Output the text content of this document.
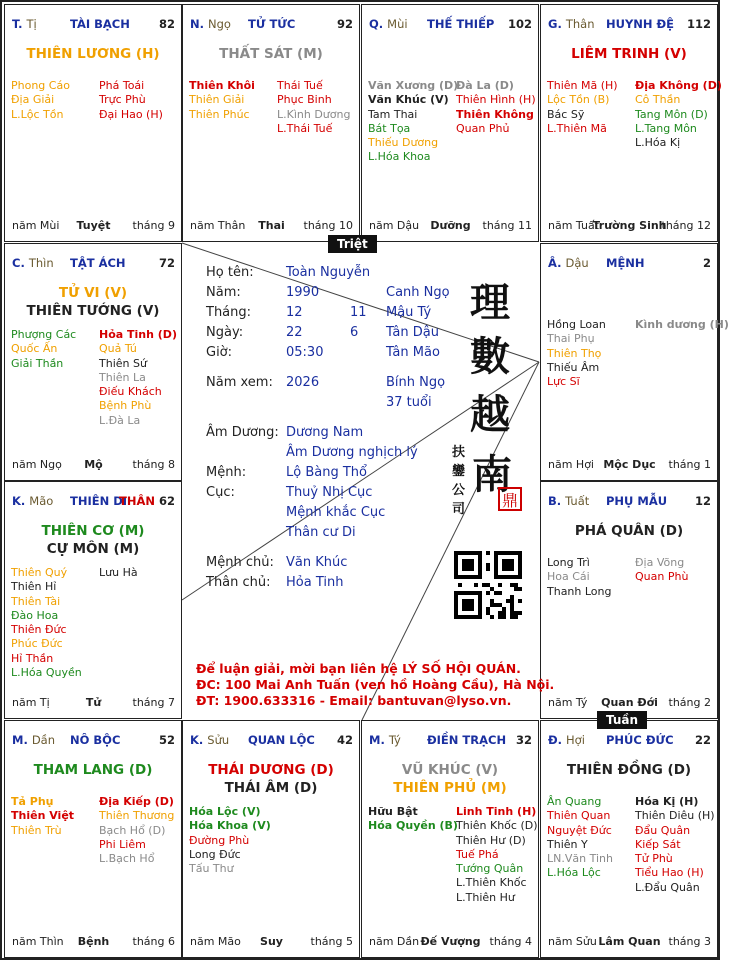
T. Tị	TÀI BẠCH	82
THIÊN LƯƠNG (H)
Phong Cáo
Địa Giải
L.Lộc Tồn
Phá Toái
Trực Phù
Đại Hao (H)
năm Mùi	Tuyệt	tháng 9
N. Ngọ TỬ TỨC	92
THẤT SÁT (M)
Thiên Khôi
Thiên Giải
Thiên Phúc
Thái Tuế
Phục Binh
L.Kình Dương
L.Thái Tuế
năm Thân	Thai	tháng 10
Q. Mùi THẾ THIẾP 102
Văn Xương (D)
Văn Khúc (V)
Tam Thai
Bát Tọa
Thiếu Dương
L.Hóa Khoa
Đà La (D)
Thiên Hình (H)
Thiên Không
Quan Phủ
năm Dậu	Dưỡng	tháng 11
G. Thân HUYNH ĐỆ 112
LIÊM TRINH (V)
Thiên Mã (H)
Lộc Tồn (B)
Bác Sỹ
L.Thiên Mã
Địa Không (D)
Cô Thần
Tang Môn (D)
L.Tang Môn
L.Hóa Kị
năm Tuất
Trường Sinh
tháng 12
C. Thìn TẬT ÁCH	72
TỬ VI (V)
THIÊN TƯỚNG (V)
Phượng Các
Quốc Ấn
Giải Thần
Hỏa Tinh (D)
Quả Tú
Thiên Sứ
Thiên La
Điếu Khách
Bệnh Phù
L.Đà La
năm Ngọ	Mộ	tháng 8
Â. Dậu MỆNH	2
Hồng Loan
Thai Phụ
Thiên Thọ
Thiếu Âm
Lực Sĩ
Kình dương (H)
năm Hợi Mộc Dục	tháng 1
K. Mão THIÊN DI
THÂN 62
THIÊN CƠ (M)
CỰ MÔN (M)
Thiên Quý
Thiên Hỉ
Thiên Tài
Đào Hoa
Thiên Đức
Phúc Đức
Hỉ Thần
L.Hóa Quyền
Lưu Hà
năm Tị	Tử	tháng 7
B. Tuất PHỤ MẪU 12
PHÁ QUÂN (D)
Long Trì
Hoa Cái
Thanh Long
Địa Võng
Quan Phù
năm Tý	Quan Đới tháng 2
M. Dần NÔ BỘC	52
THAM LANG (D)
Tả Phụ
Thiên Việt
Thiên Trù
Địa Kiếp (D)
Thiên Thương
Bạch Hổ (D)
Phi Liêm
L.Bạch Hổ
năm Thìn	Bệnh	tháng 6
K. Sửu QUAN LỘC 42
THÁI DƯƠNG (D)
THÁI ÂM (D)
Hóa Lộc (V)
Hóa Khoa (V)
Đường Phù
Long Đức
Tấu Thư
năm Mão	Suy	tháng 5
M. Tý ĐIỀN TRẠCH 32
VŨ KHÚC (V)
THIÊN PHỦ (M)
Hữu Bật
Hóa Quyền (B)
Linh Tinh (H)
Thiên Khốc (D)
Thiên Hư (D)
Tuế Phá
Tướng Quân
L.Thiên Khốc
L.Thiên Hư
năm Dần Đế Vượng tháng 4
Đ. Hợi PHÚC ĐỨC 22
THIÊN ĐỒNG (D)
Ân Quang
Thiên Quan
Nguyệt Đức
Thiên Y
LN.Văn Tinh
L.Hóa Lộc
Hóa Kị (H)
Thiên Diêu (H)
Đẩu Quân
Kiếp Sát
Tử Phù
Tiểu Hao (H)
L.Đẩu Quân
năm Sửu Lâm Quan tháng 3
Họ tên: Toàn Nguyễn
Năm:	1990	Canh Ngọ
Tháng:	12	11 Mậu Tý
Ngày:	22	6 Tân Dậu
Giờ:	05:30	Tân Mão
Năm xem: 2026	Bính Ngọ
37 tuổi
Âm Dương: Dương Nam
Âm Dương nghịch lý
Mệnh:	Lộ Bàng Thổ
Cục:	Thuỷ Nhị Cục
Mệnh khắc Cục
Thân cư Di
Mệnh chủ: Văn Khúc
Thân chủ: Hỏa Tinh
理
數
越
南
扶 鑾 公 司 鼎
Để luận giải, mời bạn liên hệ LÝ SỐ HỘI QUÁN.
ĐC: 100 Mai Anh Tuấn (ven hồ Hoàng Cầu), Hà Nội.
ĐT: 1900.633316 - Email: bantuvan@lyso.vn.
Triệt
Tuần
